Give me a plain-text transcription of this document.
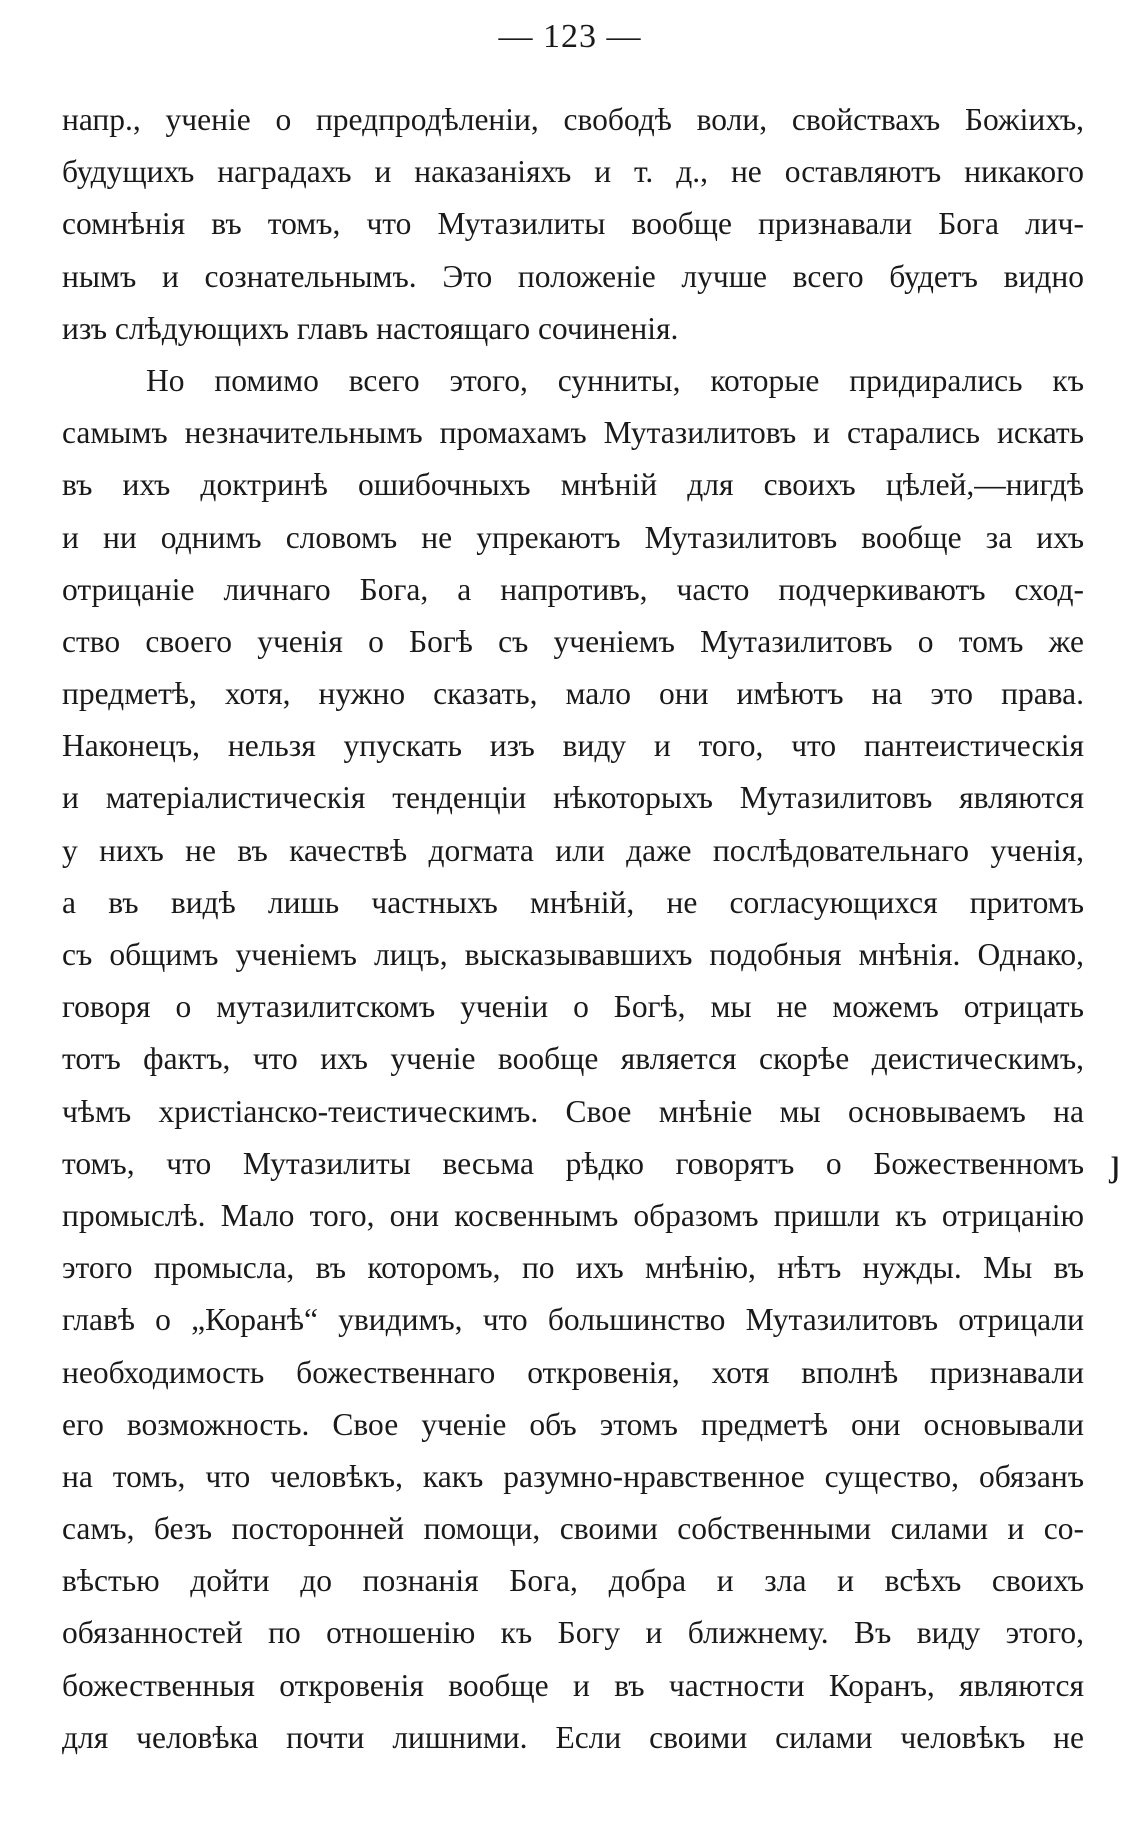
— 123 —
напр., ученіе о предпродѣленіи, свободѣ воли, свойствахъ Божіихъ,
будущихъ наградахъ и наказаніяхъ и т. д., не оставляютъ никакого
сомнѣнія въ томъ, что Мутазилиты вообще признавали Бога лич-
нымъ и сознательнымъ. Это положеніе лучше всего будетъ видно
изъ слѣдующихъ главъ настоящаго сочиненія.
Но помимо всего этого, сунниты, которые придирались къ
самымъ незначительнымъ промахамъ Мутазилитовъ и старались искать
въ ихъ доктринѣ ошибочныхъ мнѣній для своихъ цѣлей,—нигдѣ
и ни однимъ словомъ не упрекаютъ Мутазилитовъ вообще за ихъ
отрицаніе личнаго Бога, а напротивъ, часто подчеркиваютъ сход-
ство своего ученія о Богѣ съ ученіемъ Мутазилитовъ о томъ же
предметѣ, хотя, нужно сказать, мало они имѣютъ на это права.
Наконецъ, нельзя упускать изъ виду и того, что пантеистическія
и матеріалистическія тенденціи нѣкоторыхъ Мутазилитовъ являются
у нихъ не въ качествѣ догмата или даже послѣдовательнаго ученія,
а въ видѣ лишь частныхъ мнѣній, не согласующихся притомъ
съ общимъ ученіемъ лицъ, высказывавшихъ подобныя мнѣнія. Однако,
говоря о мутазилитскомъ ученіи о Богѣ, мы не можемъ отрицать
тотъ фактъ, что ихъ ученіе вообще является скорѣе деистическимъ,
чѣмъ христіанско-теистическимъ. Свое мнѣніе мы основываемъ на
томъ, что Мутазилиты весьма рѣдко говорятъ о Божественномъ
промыслѣ. Мало того, они косвеннымъ образомъ пришли къ отрицанію
этого промысла, въ которомъ, по ихъ мнѣнію, нѣтъ нужды. Мы въ
главѣ о „Коранѣ“ увидимъ, что большинство Мутазилитовъ отрицали
необходимость божественнаго откровенія, хотя вполнѣ признавали
его возможность. Свое ученіе объ этомъ предметѣ они основывали
на томъ, что человѣкъ, какъ разумно-нравственное существо, обязанъ
самъ, безъ посторонней помощи, своими собственными силами и со-
вѣстью дойти до познанія Бога, добра и зла и всѣхъ своихъ
обязанностей по отношенію къ Богу и ближнему. Въ виду этого,
божественныя откровенія вообще и въ частности Коранъ, являются
для человѣка почти лишними. Если своими силами человѣкъ не
ȷ
